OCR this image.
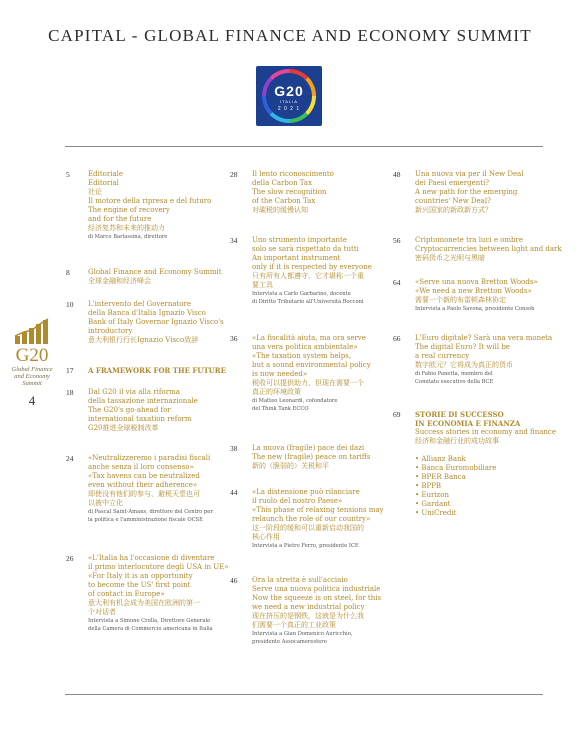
CAPITAL - GLOBAL FINANCE AND ECONOMY SUMMIT
G20
ITALIA
2 0 2 1
G20
Global Finance
and Economy
Summit
4
5	Editoriale
Editorial
社论
Il motore della ripresa e del futuro
The engine of recovery
and for the future
经济复苏和未来的推动力
di Marco Barlassina, direttore
8	Global Finance and Economy Summit
全球金融和经济峰会
10 L'intervento del Governatore
della Banca d'Italia Ignazio Visco
Bank of Italy Governor Ignazio Visco's
introductory
意大利银行行长Ignazio Visco致辞
17 A FRAMEWORK FOR THE FUTURE
18 Dal G20 il via alla riforma
della tassazione internazionale
The G20's go-ahead for
international taxation reform
G20推进全球税制改革
24 «Neutralizzeremo i paradisi fiscali
anche senza il loro consenso»
«Tax havens can be neutralized
even without their adherence»
即使没有他们的参与，避税天堂也可
以被中立化
di Pascal Saint-Amans, direttore del Centro per
la politica e l'amministrazione fiscale OCSE
26 «L'Italia ha l'occasione di diventare
il primo interlocutore degli USA in UE»
«For Italy it is an opportunity
to become the US' first point
of contact in Europe»
意大利有机会成为美国在欧洲的第一
个对话者
Intervista a Simone Crolla, Direttore Generale
della Camera di Commercio americana in Italia
28 Il lento riconoscimento
della Carbon Tax
The slow recognition
of the Carbon Tax
对碳税的缓慢认知
34 Uno strumento importante
solo se sarà rispettato da tutti
An important instrument
only if it is respected by everyone
只有所有人都遵守，它才堪称一个重
要工具
Intervista a Carlo Garbarino, docente
di Diritto Tributario all'Università Bocconi
36 «La fiscalità aiuta, ma ora serve
una vera politica ambientale»
«The taxation system helps,
but a sound environmental policy
is now needed»
税收可以提供助力，但现在需要一个
真正的环境政策
di Matteo Leonardi, cofondatore
del Think Tank ECCO
38 La nuova (fragile) pace dei dazi
The new (fragile) peace on tariffs
新的（脆弱的）关税和平
44 «La distensione può rilanciare
il ruolo del nostro Paese»
«This phase of relaxing tensions may
relaunch the role of our country»
这一阶段的缓和可以重新启动我国的
核心作用
Intervista a Pietro Ferro, presidente ICE
46 Ora la stretta è sull'acciaio
Serve una nuova politica industriale
Now the squeeze is on steel, for this
we need a new industrial policy
现在挤压的是钢铁，这就是为什么我
们需要一个真正的工业政策
Intervista a Gian Domenico Auricchio,
presidente Assocamerestero
48 Una nuova via per il New Deal
dei Paesi emergenti?
A new path for the emerging
countries' New Deal?
新兴国家的新政新方式？
56 Criptomonete tra luci e ombre
Cryptocurrencies between light and dark
密码货币之光明与黑暗
64 «Serve una nuova Bretton Woods»
«We need a new Bretton Woods»
需要一个新的布雷顿森林协定
Intervista a Paolo Savona, presidente Consob
66 L'Euro digitale? Sarà una vera moneta
The digital Euro? It will be
a real currency
数字欧元？它将成为真正的货币
di Fabio Panetta, membro del
Comitato esecutivo della BCE
69 STORIE DI SUCCESSO
IN ECONOMIA E FINANZA
Success stories in economy and finance
经济和金融行业的成功故事
• Allianz Bank
• Banca Euromobiliare
• BPER Banca
• BPPB
• Eurizon
• Gardant
• UniCredit
